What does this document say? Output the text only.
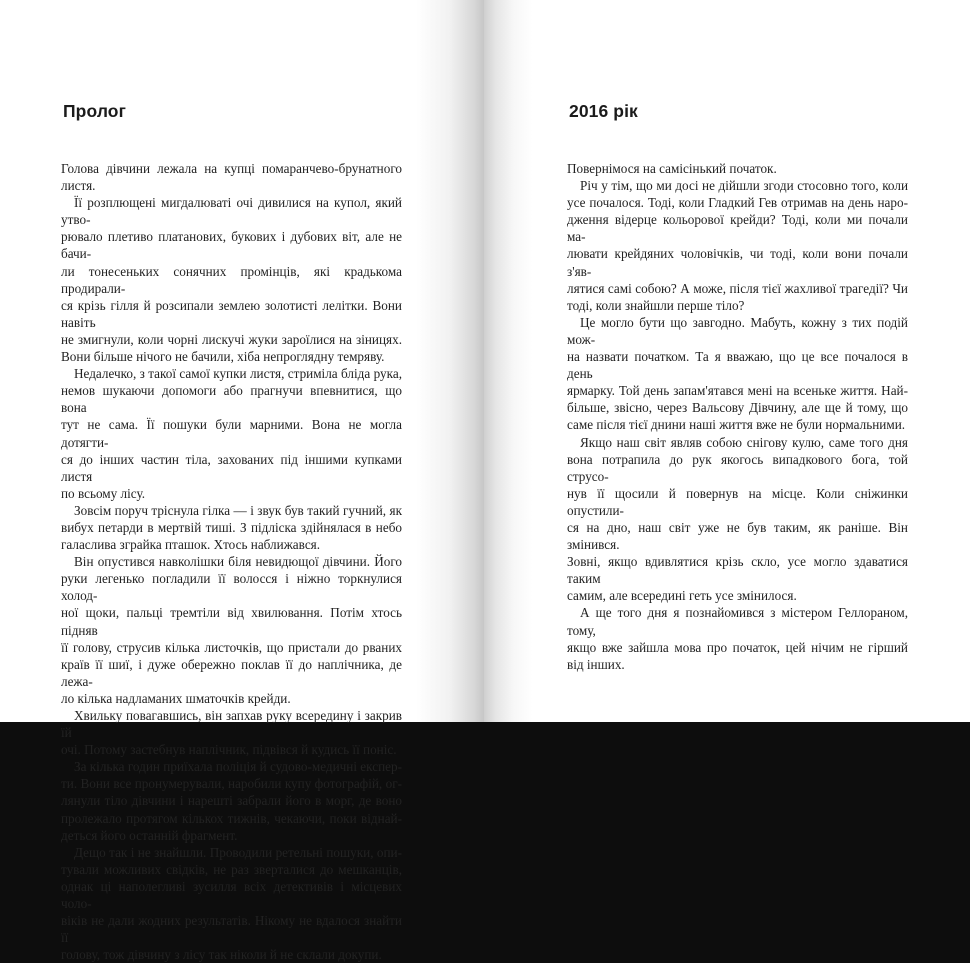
Пролог

Голова дівчини лежала на купці помаранчево-брунатного листя.

Її розплющені мигдалюваті очі дивилися на купол, який утво-

рювало плетиво платанових, букових і дубових віт, але не бачи-

ли тонесеньких сонячних промінців, які крадькома продирали-

ся крізь гілля й розсипали землею золотисті лелітки. Вони навіть

не змигнули, коли чорні лискучі жуки зароїлися на зіницях.

Вони більше нічого не бачили, хіба непроглядну темряву.

Недалечко, з такої самої купки листя, стриміла бліда рука,

немов шукаючи допомоги або прагнучи впевнитися, що вона

тут не сама. Її пошуки були марними. Вона не могла дотягти-

ся до інших частин тіла, захованих під іншими купками листя

по всьому лісу.

Зовсім поруч тріснула гілка — і звук був такий гучний, як

вибух петарди в мертвій тиші. З підліска здійнялася в небо

галаслива зграйка пташок. Хтось наближався.

Він опустився навколішки біля невидющої дівчини. Його

руки легенько погладили її волосся і ніжно торкнулися холод-

ної щоки, пальці тремтіли від хвилювання. Потім хтось підняв

її голову, струсив кілька листочків, що пристали до рваних

країв її шиї, і дуже обережно поклав її до наплічника, де лежа-

ло кілька надламаних шматочків крейди.

Хвильку повагавшись, він запхав руку всередину і закрив їй

очі. Потому застебнув наплічник, підвівся й кудись її поніс.

За кілька годин приїхала поліція й судово-медичні експер-

ти. Вони все пронумерували, наробили купу фотографій, ог-

лянули тіло дівчини і нарешті забрали його в морг, де воно

пролежало протягом кількох тижнів, чекаючи, поки віднай-

деться його останній фрагмент.

Дещо так і не знайшли. Проводили ретельні пошуки, опи-

тували можливих свідків, не раз зверталися до мешканців,

однак ці наполегливі зусилля всіх детективів і місцевих чоло-

віків не дали жодних результатів. Нікому не вдалося знайти її

голову, тож дівчину з лісу так ніколи й не склали докупи.

2016 рік

Повернімося на самісінький початок.

Річ у тім, що ми досі не дійшли згоди стосовно того, коли

усе почалося. Тоді, коли Гладкий Гев отримав на день наро-

дження відерце кольорової крейди? Тоді, коли ми почали ма-

лювати крейдяних чоловічків, чи тоді, коли вони почали з'яв-

лятися самі собою? А може, після тієї жахливої трагедії? Чи

тоді, коли знайшли перше тіло?

Це могло бути що завгодно. Мабуть, кожну з тих подій мож-

на назвати початком. Та я вважаю, що це все почалося в день

ярмарку. Той день запам'ятався мені на всеньке життя. Най-

більше, звісно, через Вальсову Дівчину, але ще й тому, що

саме після тієї днини наші життя вже не були нормальними.

Якщо наш світ являв собою снігову кулю, саме того дня

вона потрапила до рук якогось випадкового бога, той струсо-

нув її щосили й повернув на місце. Коли сніжинки опустили-

ся на дно, наш світ уже не був таким, як раніше. Він змінився.

Зовні, якщо вдивлятися крізь скло, усе могло здаватися таким

самим, але всередині геть усе змінилося.

А ще того дня я познайомився з містером Геллораном, тому,

якщо вже зайшла мова про початок, цей нічим не гірший

від інших.
